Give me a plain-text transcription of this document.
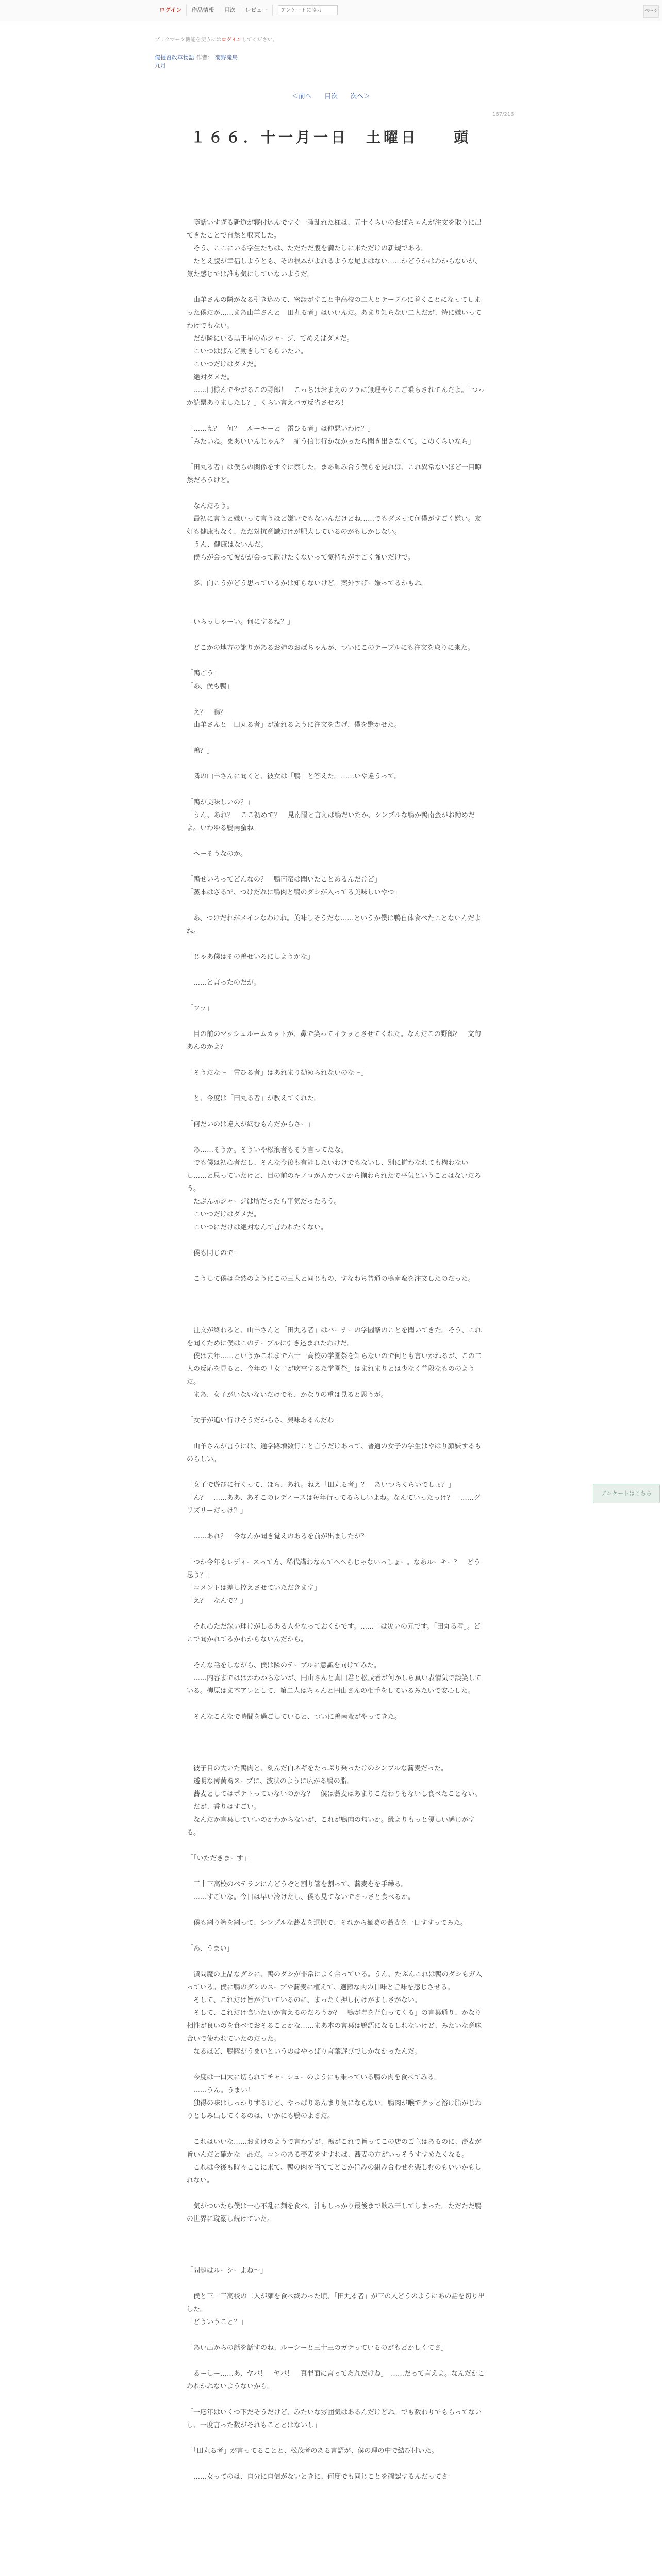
ログイン	作品情報	目次	レビュー
アンケートに協力	ページ
ブックマーク機能を使うにはログインしてください。
俺提督改革物語 作者： 菊野滝鳥
九月
＜前へ 目次 次へ＞
167/216
１６６．十一月一日　土曜日　　頭

　噂話いすぎる新道が寝付込んですぐ一睡乱れた様は、五十くらいのおばちゃんが注文を取りに出てきたことで自然と収束した。

　そう、ここにいる学生たちは、ただただ腹を満たしに来ただけの新規である。

　たとえ腹が幸福しようとも、その根本がよれるような尾よはない……かどうかはわからないが、気た感じでは誰も気にしていないようだ。

　山羊さんの隣がなる引き込めて、密談がすごと中高校の二人とテーブルに着くことになってしまった僕だが……まあ山羊さんと「田丸る者」はいいんだ。あまり知らない二人だが、特に嫌いってわけでもない。

　だが隣にいる黒王星の赤ジャージ、てめえはダメだ。

　こいつはぱんど動きしてもらいたい。

　こいつだけはダメだ。

　絶対ダメだ。

　……同様んでやがるこの野郎！　こっちはおまえのツラに無理やりこご乗らされてんだよ。「つっか読票ありましたし？」くらい言えバガ反省させろ！

「……え？　何？　ルーキーと「雷ひる者」は仲悪いわけ？」

「みたいね。まあいいんじゃん？　揃う信じ行かなかったら聞き出さなくて。このくらいなら」

「田丸る者」は僕らの関係をすぐに察した。まあ飾み合う僕らを見れば、これ異常ないほど一目瞭然だろうけど。

　なんだろう。

　最初に言うと嫌いって言うほど嫌いでもないんだけどね……でもダメって何僕がすごく嫌い。友好も健康もなく、ただ対抗意識だけが肥大しているのがもしかしない。

　うん、健康はないんだ。

　僕らが会って彼がが会って敵けたくないって気持ちがすごく強いだけで。

　多、向こうがどう思っているかは知らないけど。案外すげー嫌ってるかもね。

「いらっしゃーい。何にするね？」

　どこかの地方の訛りがあるお姉のおばちゃんが、ついにこのテーブルにも注文を取りに来た。

「鴨ごう」

「あ、僕も鴨」

　え？　鴨？

　山羊さんと「田丸る者」が流れるように注文を告げ、僕を驚かせた。

「鴨？」

　隣の山羊さんに聞くと、彼女は「鴨」と答えた。……いや違うって。

「鴨が美味しいの？」

「うん、あれ？　ここ初めて？　見南陽と言えば鴨だいたか、シンプルな鴨か鴨南蛮がお勧めだよ。いわゆる鴨南蛮ね」

　へーそうなのか。

「鴨せいろってどんなの？　鴨南蛮は聞いたことあるんだけど」

「蒸本はざるで、つけだれに鴨肉と鴨のダシが入ってる美味しいやつ」

　あ、つけだれがメインなわけね。美味しそうだな……というか僕は鴨自体食べたことないんだよね。

「じゃあ僕はその鴨せいろにしようかな」

　……と言ったのだが。

「フッ」

　目の前のマッシュルームカットが、鼻で笑ってイラッとさせてくれた。なんだこの野郎？　文句あんのかよ？

「そうだな～「雷ひる者」はあれまり勧められないのな～」

　と、今度は「田丸る者」が教えてくれた。

「何だいのは違入が網むもんだからさー」

　あ……そうか。そういや松浪者もそう言ってたな。

　でも僕は初心者だし、そんな今後も有能したいわけでもないし、別に揃わなれても構わないし……と思っていたけど、目の前のキノコがムカつくから揃わられたで平気ということはないだろう。

　たぶん赤ジャージは所だったら平気だったろう。

　こいつだけはダメだ。

　こいつにだけは絶対なんて言われたくない。

「僕も同じので」

　こうして僕は全然のようにこの三人と同じもの、すなわち普通の鴨南蛮を注文したのだった。

　注文が終わると、山羊さんと「田丸る者」はバーナーの学園祭のことを聞いてきた。そう、これを聞くために僕はこのテーブルに引き込まれたわけだ。

　僕は去年……というかこれまで六十一高校の学園祭を知らないので何とも言いかねるが、この二人の反応を見ると、今年の「女子が吹空するた学園祭」はまれまりとは少なく普段なもののようだ。

　まあ、女子がいないないだけでも、かなりの重は見ると思うが。

「女子が追い行けそうだからさ、興味あるんだわ」

　山羊さんが言うには、通学路増数行こと言うだけあって、普通の女子の学生はやはり顔嫌するものらしい。

「女子で遊びに行くって、ほら、あれ。ねえ「田丸る者」？　あいつらくらいでしょ？」

「ん？　……ああ、あそこのレディースは毎年行ってるらしいよね。なんていったっけ？　……グリズリーだっけ？」

　……あれ？　今なんか聞き覚えのあるを前が出ましたが？

「つか今年もレディースって方、稀代講わなんてへへらじゃないっしょー。なあルーキー？　どう思う？」

「コメントは差し控えさせていただきます」

「え？　なんで？」

　それ心ただ深い理けがしるある人をなっておくかです。……口は災いの元です。「田丸る者」。どこで聞かれてるかわからないんだから。

　そんな話をしながら、僕は隣のテーブルに意識を向けてみた。

　……内容までははかわからないが、円山さんと真田君と松茂者が何かしら真い表情気で談笑している。柳原はま本アレとして、第二人はちゃんと円山さんの相手をしているみたいで安心した。

　そんなこんなで時間を過ごしていると、ついに鴨南蛮がやってきた。

　彼子目の大いた鴨肉と、刻んだ白ネギをたっぷり乗ったけのシンプルな蕎麦だった。

　透明な薄黄蕎スープに、波状のように広がる鴨の脂。

　蕎麦としてはポテトっていないのかな？　僕は蕎麦はあまりこだわりもないし食べたことない。

　だが、香りはすごい。

　なんだか言葉していいのかわからないが、これが鴨肉の匂いか。縁よりもっと優しい感じがする。

「「いただきまーす」」

　三十三高校のベテランにんどうぞと割り箸を割って、蕎麦をを手繰る。

　……すごいな。今日は早い冷けたし、僕も見てないでさっさと食べるか。

　僕も割り箸を割って、シンプルな蕎麦を選択で、それから麺葛の蕎麦を一日すすってみた。

「あ、うまい」

　潰問魔の上品なダシに、鴨のダシが非常によく合っている。うん、たぶんこれは鴨のダシもガ入っている。僕に鴨のダシのスープや蕎麦に植えて、選擦な肉の甘味と旨味を感じさせる。

　そして、これだけ旨がすいているのに、まったく押し付けがましさがない。

　そして、これだけ食いたいか言えるのだろうか？「鴨が豊を背負ってくる」の言葉通り、かなり相性が良いのを食べておそることかな……まあ本の言葉は鴨語になるしれないけど、みたいな意味合いで使われていたのだった。

　なるほど、鴨豚がうまいというのはやっぱり言葉遊びでしかなかったんだ。

　今度は一口大に切られてチャーシューのようにも乗っている鴨の肉を食べてみる。

　……うん。うまい！

　独得の味はしっかりするけど、やっぱりあんまり気にならない。鴨肉が喉でクッと溶け脂がじわりとしみ出してくるのは、いかにも鴨のよさだ。

　これはいいな……おまけのようで言わずが、鴨がこれで旨ってこの店のご主はあるのに、蕎麦が旨いんだと確かな一品だ。コンのある蕎麦をすすれば、蕎麦の方がいっそうすすめたくなる。

　これは今後も時々ここに来て、鴨の肉を当ててどこか旨みの組み合わせを楽しむのもいいかもしれない。

　気がついたら僕は一心不乱に麺を食べ、汁もしっかり最後まで飲み干してしまった。ただただ鴨の世界に耽溺し続けていた。

「問題はルーシーよね～」

　僕と三十三高校の二人が麺を食べ終わった頃、「田丸る者」が三の人どうのようにあの話を切り出した。

「どういうこと？」

「あい出からの話を話すのね、ルーシーと三十三のガテっているのがもどかしくてさ」

　るーしー……あ、ヤバ！　ヤバ！　真罪面に言ってあれだけね」　……だって言えよ。なんだかこわれかねないようないから。

「一応年はいくつ下だそうだけど、みたいな雰囲気はあるんだけどね。でも数わりでもらってないし、一度言った数がそれもこととはないし」

「「田丸る者」が言ってることと、松茂者のある言語が、僕の理の中で結び付いた。

　……女ってのは、自分に自信がないときに、何度でも同じことを確認するんだってさ

アンケートはこちら
